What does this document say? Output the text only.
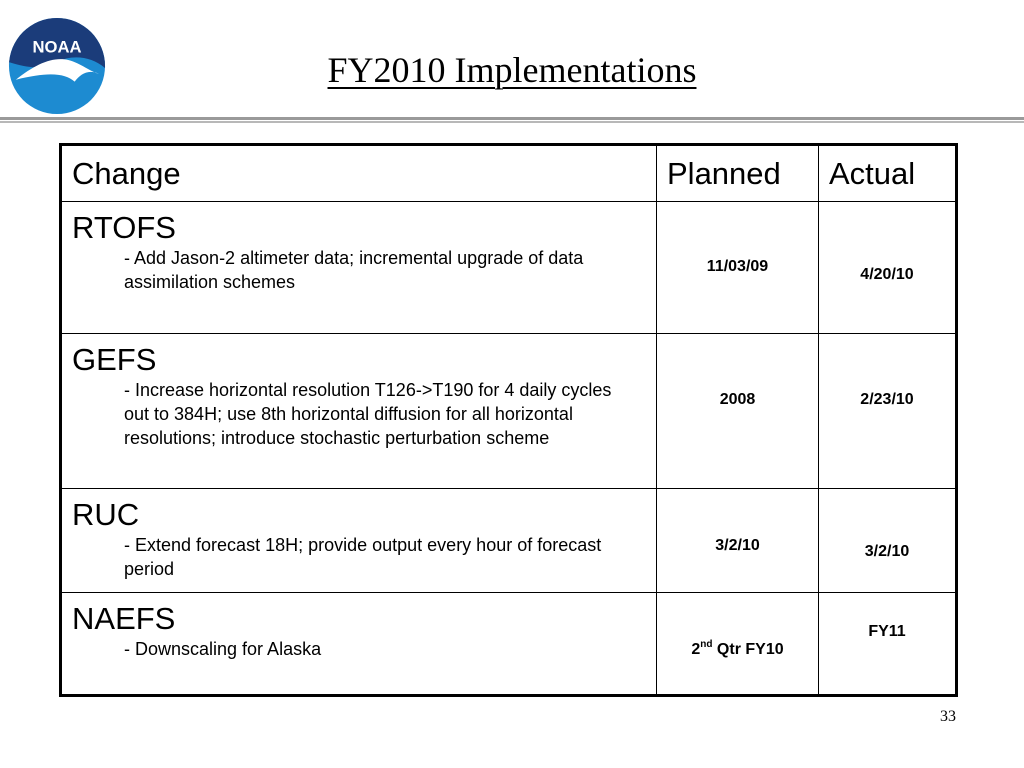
NOAA
FY2010 Implementations
Change	Planned	Actual

RTOFS
- Add Jason-2 altimeter data; incremental upgrade of data assimilation schemes	11/03/09	4/20/10

GEFS
- Increase horizontal resolution T126->T190 for 4 daily cycles out to 384H; use 8th horizontal diffusion for all horizontal resolutions; introduce stochastic perturbation scheme	2008	2/23/10

RUC
- Extend forecast 18H; provide output every hour of forecast period	3/2/10	3/2/10

NAEFS
- Downscaling for Alaska	2nd Qtr FY10	FY11
33
